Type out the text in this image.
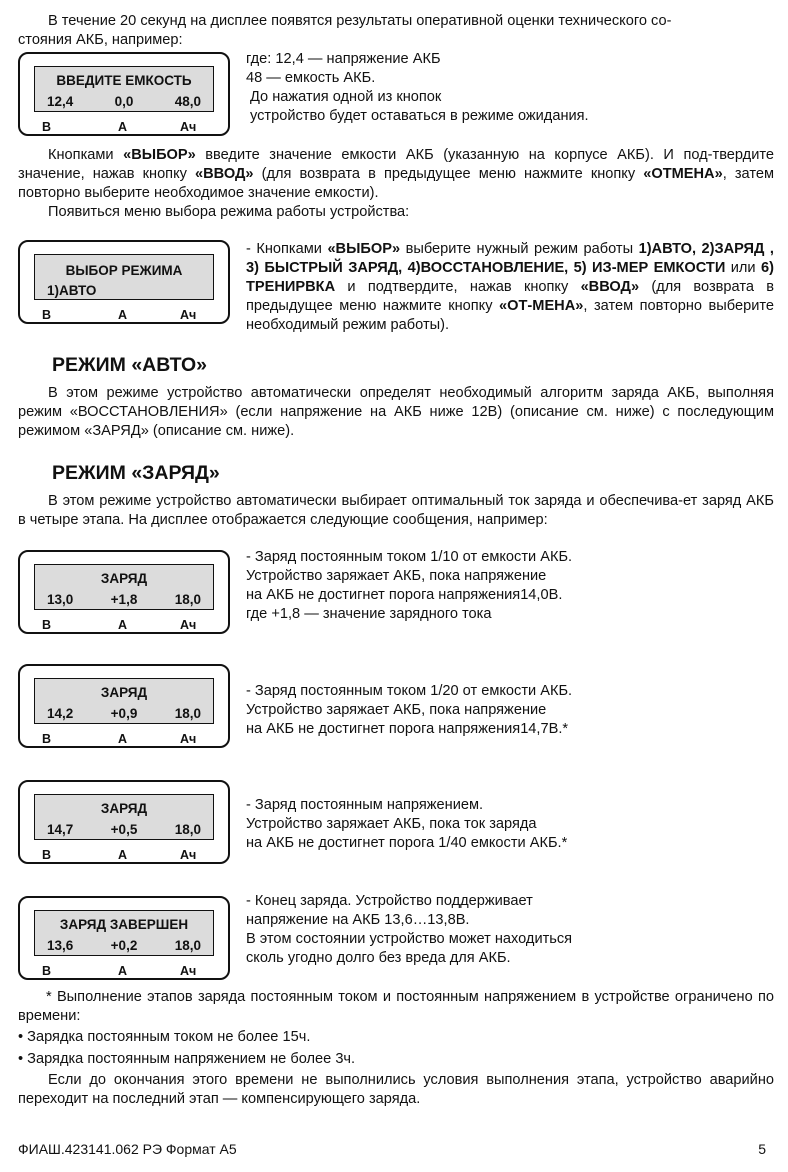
В течение 20 секунд на дисплее появятся результаты оперативной оценки технического со-
стояния АКБ, например:

ВВЕДИТЕ ЕМКОСТЬ
12,4	0,0	48,0
В	А	Ач
где: 12,4 — напряжение АКБ
48 — емкость АКБ.
До нажатия одной из кнопок
устройство будет оставаться в режиме ожидания.

Кнопками «ВЫБОР» введите значение емкости АКБ (указанную на корпусе АКБ). И под-твердите значение, нажав кнопку «ВВОД» (для возврата в предыдущее меню нажмите кнопку «ОТМЕНА», затем повторно выберите необходимое значение емкости).

Появиться меню выбора режима работы устройства:

ВЫБОР РЕЖИМА
1)АВТО
В	А	Ач

- Кнопками «ВЫБОР» выберите нужный режим работы 1)АВТО, 2)ЗАРЯД , 3) БЫСТРЫЙ ЗАРЯД, 4)ВОССТАНОВЛЕНИЕ, 5) ИЗ-МЕР ЕМКОСТИ или 6) ТРЕНИРВКА и подтвердите, нажав кнопку «ВВОД» (для возврата в предыдущее меню нажмите кнопку «ОТ-МЕНА», затем повторно выберите необходимый режим работы).

РЕЖИМ «АВТО»

В этом режиме устройство автоматически определят необходимый алгоритм заряда АКБ, выполняя режим «ВОССТАНОВЛЕНИЯ» (если напряжение на АКБ ниже 12В) (описание см. ниже) с последующим режимом «ЗАРЯД» (описание см. ниже).

РЕЖИМ «ЗАРЯД»

В этом режиме устройство автоматически выбирает оптимальный ток заряда и обеспечива-ет заряд АКБ в четыре этапа. На дисплее отображается следующие сообщения, например:

ЗАРЯД
13,0	+1,8	18,0
В	А	Ач
- Заряд постоянным током 1/10 от емкости АКБ.
Устройство заряжает АКБ, пока напряжение
на АКБ не достигнет порога напряжения14,0В.
где +1,8 — значение зарядного тока
ЗАРЯД
14,2	+0,9	18,0
В	А	Ач
- Заряд постоянным током 1/20 от емкости АКБ.
Устройство заряжает АКБ, пока напряжение
на АКБ не достигнет порога напряжения14,7В.*
ЗАРЯД
14,7	+0,5	18,0
В	А	Ач
- Заряд постоянным напряжением.
Устройство заряжает АКБ, пока ток заряда
на АКБ не достигнет порога 1/40 емкости АКБ.*
ЗАРЯД ЗАВЕРШЕН
13,6	+0,2	18,0
В	А	Ач
- Конец заряда. Устройство поддерживает
напряжение на АКБ 13,6…13,8В.
В этом состоянии устройство может находиться
сколь угодно долго без вреда для АКБ.

* Выполнение этапов заряда постоянным током и постоянным напряжением в устройстве ограничено по времени:

• Зарядка постоянным током не более 15ч.

• Зарядка постоянным напряжением не более 3ч.

Если до окончания этого времени не выполнились условия выполнения этапа, устройство аварийно переходит на последний этап — компенсирующего заряда.

ФИАШ.423141.062 РЭ Формат А5	5
